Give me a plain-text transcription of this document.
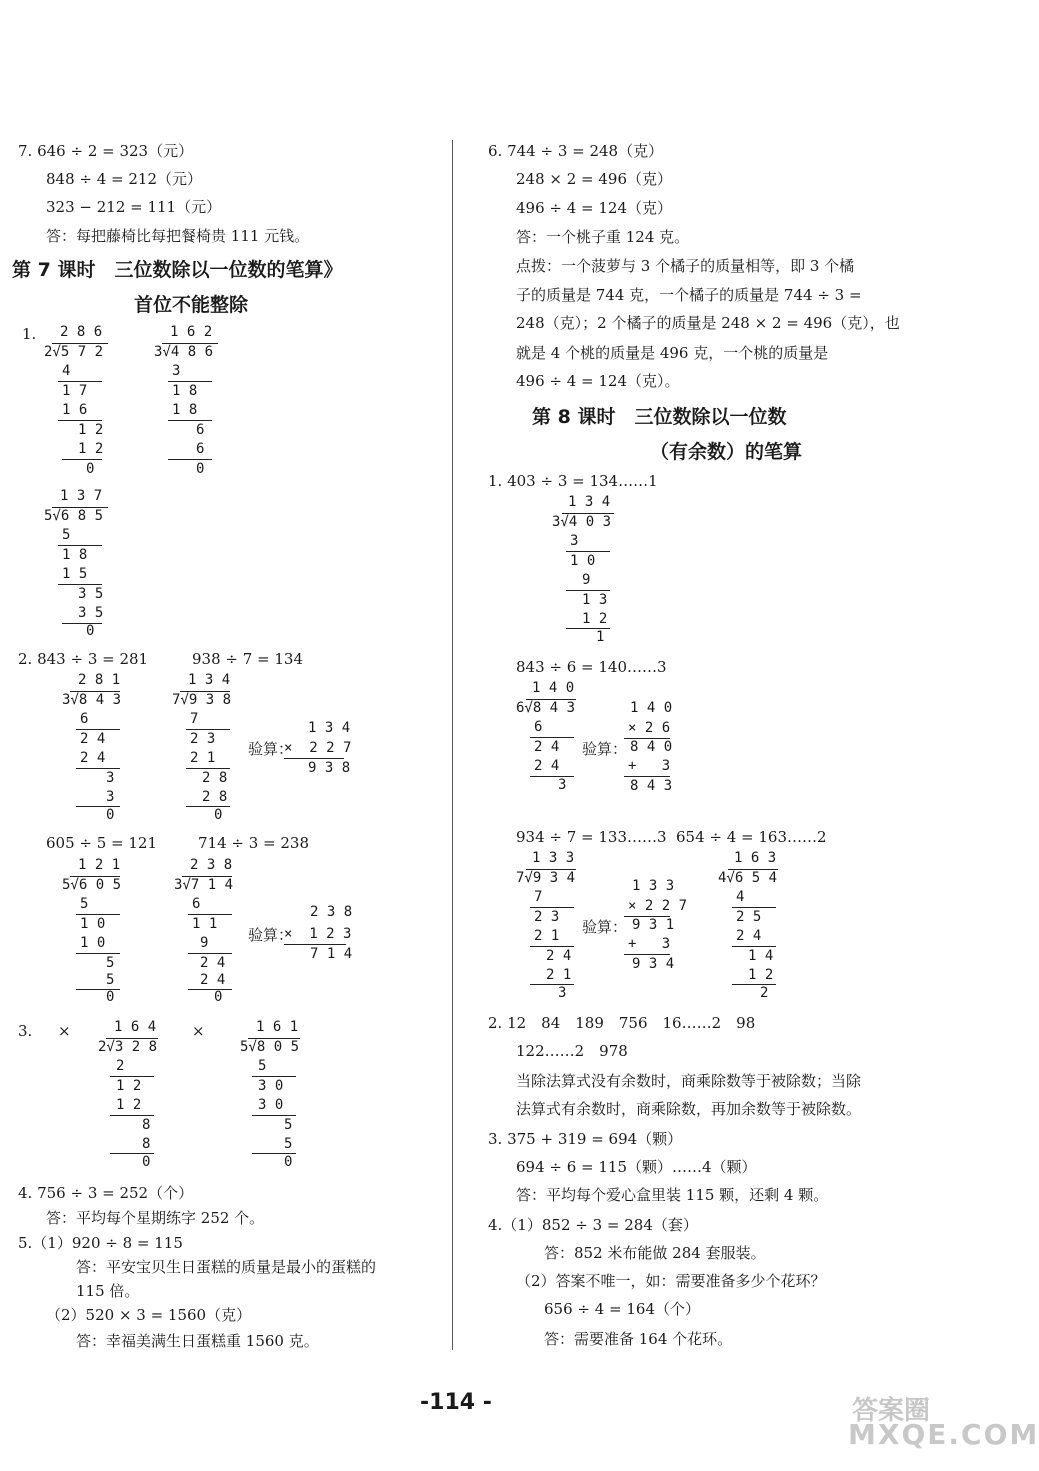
7. 646 ÷ 2 = 323（元）
848 ÷ 4 = 212（元）
323 − 212 = 111（元）
答：每把藤椅比每把餐椅贵 111 元钱。
第 7 课时　三位数除以一位数的笔算》
首位不能整除
1. 2 8 6
2√5 7 2
4
1 7
1 6
1 2
1 2
0
1 6 2
3√4 8 6
3
1 8
1 8
6
6
0
1 3 7
5√6 8 5
5
1 8
1 5
3 5
3 5
0
2. 843 ÷ 3 = 281	938 ÷ 7 = 134
2 8 1
3√8 4 3
6
2 4
2 4
3
3
0
1 3 4
7√9 3 8
7
2 3
2 1
2 8
2 8
0
验算：
1 3 4
×  2 2 7
9 3 8
605 ÷ 5 = 121	714 ÷ 3 = 238
1 2 1
5√6 0 5
5
1 0
1 0
5
5
0
2 3 8
3√7 1 4
6
1 1
9
2 4
2 4
0
验算：
2 3 8
×  1 2 3
7 1 4
3. ×	×
1 6 4
2√3 2 8
2
1 2
1 2
8
8
0
1 6 1
5√8 0 5
5
3 0
3 0
5
5
0
4. 756 ÷ 3 = 252（个）
答：平均每个星期练字 252 个。
5.（1）920 ÷ 8 = 115
答：平安宝贝生日蛋糕的质量是最小的蛋糕的
115 倍。
（2）520 × 3 = 1560（克）
答：幸福美满生日蛋糕重 1560 克。
6. 744 ÷ 3 = 248（克）
248 × 2 = 496（克）
496 ÷ 4 = 124（克）
答：一个桃子重 124 克。
点拨：一个菠萝与 3 个橘子的质量相等，即 3 个橘
子的质量是 744 克，一个橘子的质量是 744 ÷ 3 =
248（克）；2 个橘子的质量是 248 × 2 = 496（克），也
就是 4 个桃的质量是 496 克，一个桃的质量是
496 ÷ 4 = 124（克）。
第 8 课时　三位数除以一位数
（有余数）的笔算
1. 403 ÷ 3 = 134……1
1 3 4
3√4 0 3
3
1 0
9
1 3
1 2
1
843 ÷ 6 = 140……3
1 4 0
6√8 4 3
6
2 4
2 4
3
验算：
1 4 0
× 2 6
8 4 0
+   3
8 4 3
934 ÷ 7 = 133……3 654 ÷ 4 = 163……2
1 3 3
7√9 3 4
7
2 3
2 1
2 4
2 1
3
验算：
1 3 3
× 2 2 7
9 3 1
+   3
9 3 4
1 6 3
4√6 5 4
4
2 5
2 4
1 4
1 2
2
2. 12　84　189　756　16……2　98
122……2　978
当除法算式没有余数时，商乘除数等于被除数；当除
法算式有余数时，商乘除数，再加余数等于被除数。
3. 375 + 319 = 694（颗）
694 ÷ 6 = 115（颗）……4（颗）
答：平均每个爱心盒里装 115 颗，还剩 4 颗。
4.（1）852 ÷ 3 = 284（套）
答：852 米布能做 284 套服装。
（2）答案不唯一，如：需要准备多少个花环？
656 ÷ 4 = 164（个）
答：需要准备 164 个花环。
-114 -	答案圈
MXQE.COM
